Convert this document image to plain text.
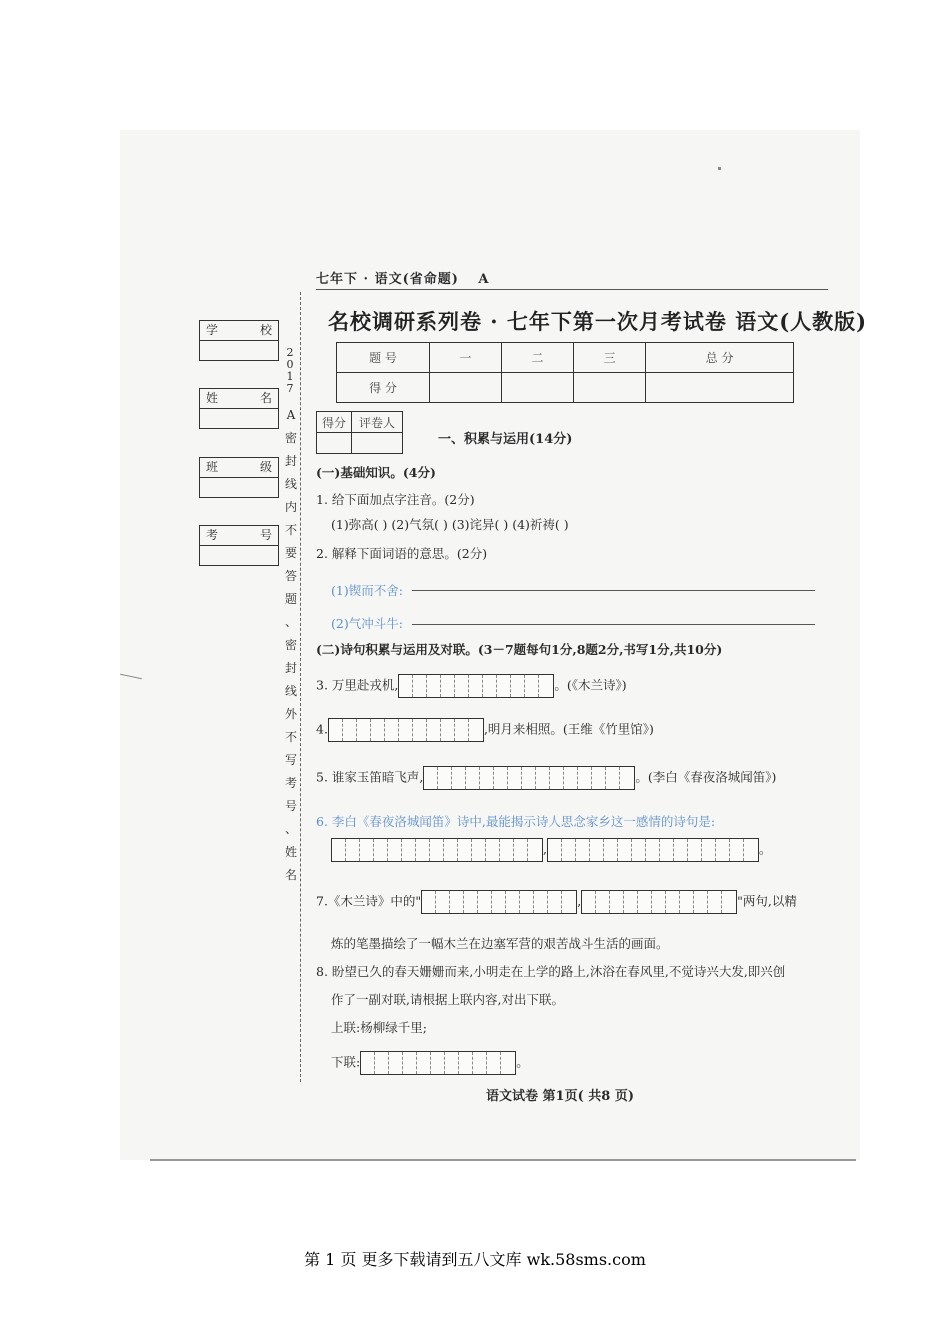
七年下 · 语文(省命题) A
名校调研系列卷 · 七年下第一次月考试卷 语文(人教版)
题 号	一	二	三	总 分
得 分				
得分	评卷人

一、积累与运用(14分)
学	校
姓	名
班	级
考	号
2
0
1
7
A
密
封
线
内
不
要
答
题
、
密
封
线
外
不
写
考
号
、
姓
名
(一)基础知识。(4分)
1. 给下面加点字注音。(2分)
(1)弥高( ) (2)气氛( ) (3)诧异( ) (4)祈祷( )
2. 解释下面词语的意思。(2分)
(1)锲而不舍:
(2)气冲斗牛:
(二)诗句积累与运用及对联。(3－7题每句1分,8题2分,书写1分,共10分)
3. 万里赴戎机,	。(《木兰诗》)
4.	,明月来相照。(王维《竹里馆》)
5. 谁家玉笛暗飞声,	。(李白《春夜洛城闻笛》)
6. 李白《春夜洛城闻笛》诗中,最能揭示诗人思念家乡这一感情的诗句是:
,	。
7.《木兰诗》中的"	,	"两句,以精
炼的笔墨描绘了一幅木兰在边塞军营的艰苦战斗生活的画面。
8. 盼望已久的春天姗姗而来,小明走在上学的路上,沐浴在春风里,不觉诗兴大发,即兴创
作了一副对联,请根据上联内容,对出下联。
上联:杨柳绿千里;
下联:	。
语文试卷 第1页( 共8 页)
第 1 页 更多下载请到五八文库 wk.58sms.com
